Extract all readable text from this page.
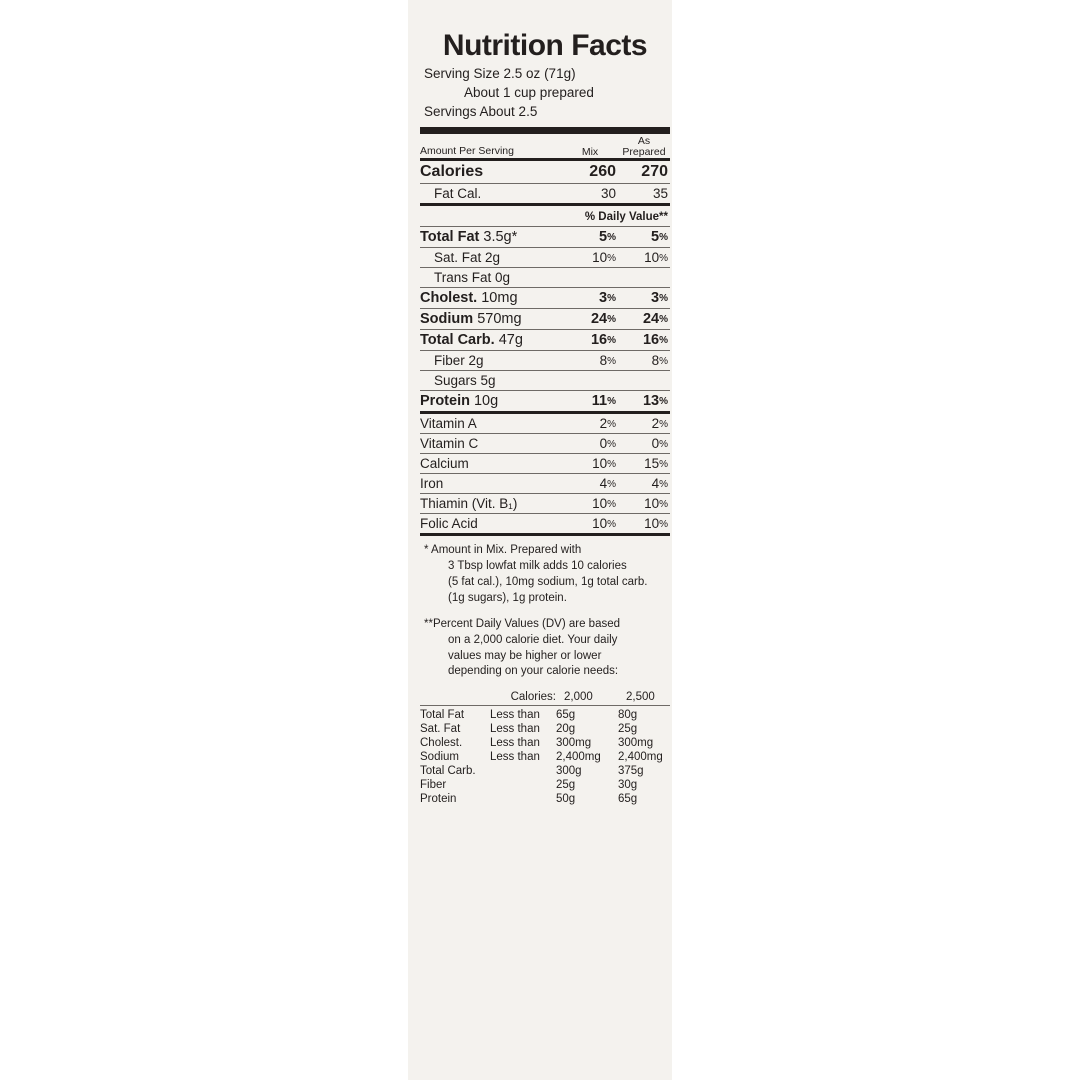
Nutrition Facts
Serving Size 2.5 oz (71g)
About 1 cup prepared
Servings About 2.5
Amount Per Serving	Mix	As
Prepared
Calories	260	270
Fat Cal.	30	35
% Daily Value**
Total Fat 3.5g*	5%	5%
Sat. Fat 2g	10%	10%
Trans Fat 0g		
Cholest. 10mg	3%	3%
Sodium 570mg	24%	24%
Total Carb. 47g	16%	16%
Fiber 2g	8%	8%
Sugars 5g		
Protein 10g	11%	13%
Vitamin A	2%	2%
Vitamin C	0%	0%
Calcium	10%	15%
Iron	4%	4%
Thiamin (Vit. B₁)	10%	10%
Folic Acid	10%	10%

* Amount in Mix. Prepared with
3 Tbsp lowfat milk adds 10 calories
(5 fat cal.), 10mg sodium, 1g total carb.
(1g sugars), 1g protein.

**Percent Daily Values (DV) are based
on a 2,000 calorie diet. Your daily
values may be higher or lower
depending on your calorie needs:

	Calories:	2,000	2,500
Total Fat	Less than	65g	80g
Sat. Fat	Less than	20g	25g
Cholest.	Less than	300mg	300mg
Sodium	Less than	2,400mg	2,400mg
Total Carb.		300g	375g
Fiber		25g	30g
Protein		50g	65g
